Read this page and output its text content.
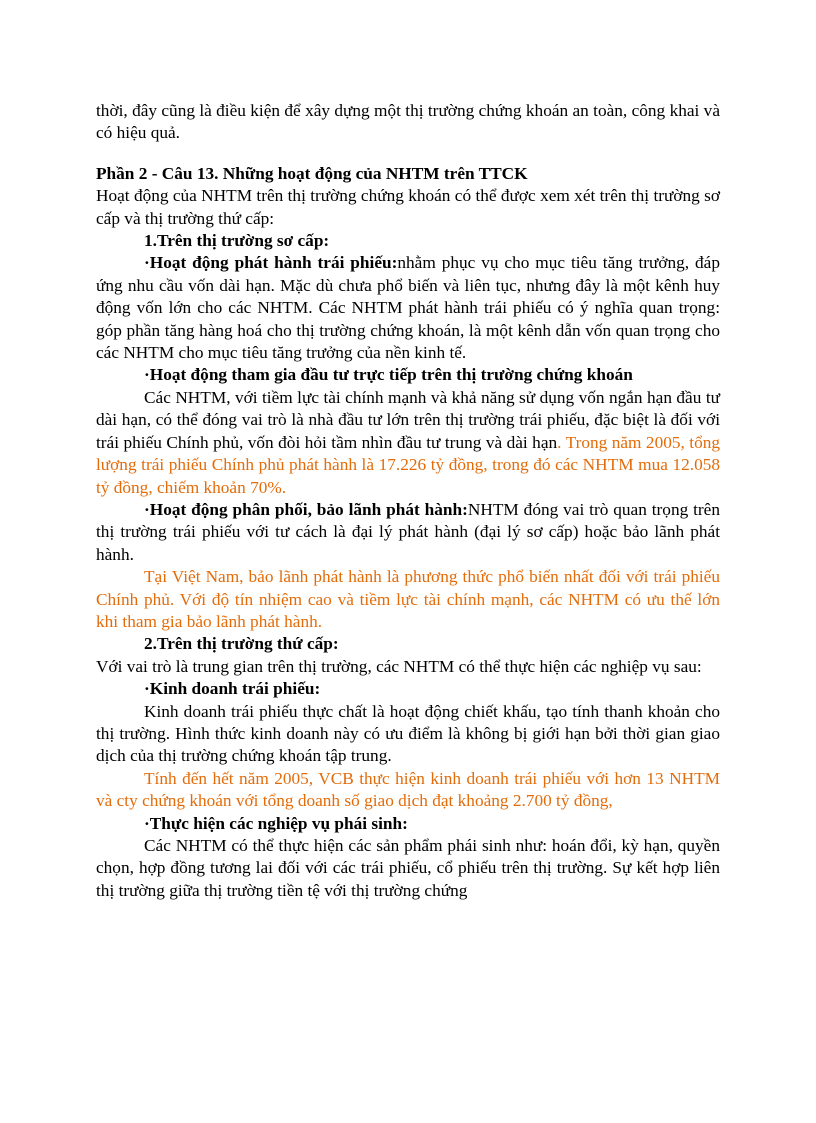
thời, đây cũng là điều kiện để xây dựng một thị trường chứng khoán an toàn, công khai và có hiệu quả.

Phần 2 - Câu 13. Những hoạt động của NHTM trên TTCK

Hoạt động của NHTM trên thị trường chứng khoán có thể được xem xét trên thị trường sơ cấp và thị trường thứ cấp:

1.Trên thị trường sơ cấp:

·Hoạt động phát hành trái phiếu:nhằm phục vụ cho mục tiêu tăng trưởng, đáp ứng nhu cầu vốn dài hạn. Mặc dù chưa phổ biến và liên tục, nhưng đây là một kênh huy động vốn lớn cho các NHTM. Các NHTM phát hành trái phiếu có ý nghĩa quan trọng: góp phần tăng hàng hoá cho thị trường chứng khoán, là một kênh dẫn vốn quan trọng cho các NHTM cho mục tiêu tăng trưởng của nền kinh tế.

·Hoạt động tham gia đầu tư trực tiếp trên thị trường chứng khoán

Các NHTM, với tiềm lực tài chính mạnh và khả năng sử dụng vốn ngắn hạn đầu tư dài hạn, có thể đóng vai trò là nhà đầu tư lớn trên thị trường trái phiếu, đặc biệt là đối với trái phiếu Chính phủ, vốn đòi hỏi tầm nhìn đầu tư trung và dài hạn. Trong năm 2005, tổng lượng trái phiếu Chính phủ phát hành là 17.226 tỷ đồng, trong đó các NHTM mua 12.058 tỷ đồng, chiếm khoản 70%.

·Hoạt động phân phối, bảo lãnh phát hành:NHTM đóng vai trò quan trọng trên thị trường trái phiếu với tư cách là đại lý phát hành (đại lý sơ cấp) hoặc bảo lãnh phát hành.

Tại Việt Nam, bảo lãnh phát hành là phương thức phổ biến nhất đối với trái phiếu Chính phủ. Với độ tín nhiệm cao và tiềm lực tài chính mạnh, các NHTM có ưu thế lớn khi tham gia bảo lãnh phát hành.

2.Trên thị trường thứ cấp:

Với vai trò là trung gian trên thị trường, các NHTM có thể thực hiện các nghiệp vụ sau:

·Kinh doanh trái phiếu:

Kinh doanh trái phiếu thực chất là hoạt động chiết khấu, tạo tính thanh khoản cho thị trường. Hình thức kinh doanh này có ưu điểm là không bị giới hạn bởi thời gian giao dịch của thị trường chứng khoán tập trung.

Tính đến hết năm 2005, VCB thực hiện kinh doanh trái phiếu với hơn 13 NHTM và cty chứng khoán với tổng doanh số giao dịch đạt khoảng 2.700 tỷ đồng,

·Thực hiện các nghiệp vụ phái sinh:

Các NHTM có thể thực hiện các sản phẩm phái sinh như: hoán đổi, kỳ hạn, quyền chọn, hợp đồng tương lai đối với các trái phiếu, cổ phiếu trên thị trường. Sự kết hợp liên thị trường giữa thị trường tiền tệ với thị trường chứng
